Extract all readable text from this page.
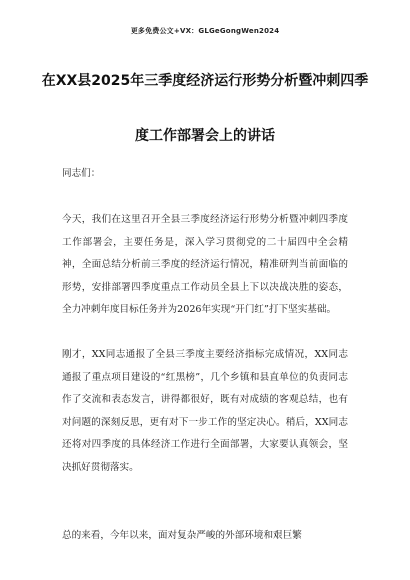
更多免费公文+VX：GLGeGongWen2024
在XX县2025年三季度经济运行形势分析暨冲刺四季
度工作部署会上的讲话
同志们：

今天，我们在这里召开全县三季度经济运行形势分析暨冲刺四季度工作部署会，主要任务是，深入学习贯彻党的二十届四中全会精神，全面总结分析前三季度的经济运行情况，精准研判当前面临的形势，安排部署四季度重点工作动员全县上下以决战决胜的姿态，全力冲刺年度目标任务并为2026年实现“开门红”打下坚实基础。

刚才，XX同志通报了全县三季度主要经济指标完成情况，XX同志通报了重点项目建设的“红黑榜”，几个乡镇和县直单位的负责同志作了交流和表态发言，讲得都很好，既有对成绩的客观总结，也有对问题的深刻反思，更有对下一步工作的坚定决心。稍后，XX同志还将对四季度的具体经济工作进行全面部署，大家要认真领会，坚决抓好贯彻落实。

总的来看，今年以来，面对复杂严峻的外部环境和艰巨繁
